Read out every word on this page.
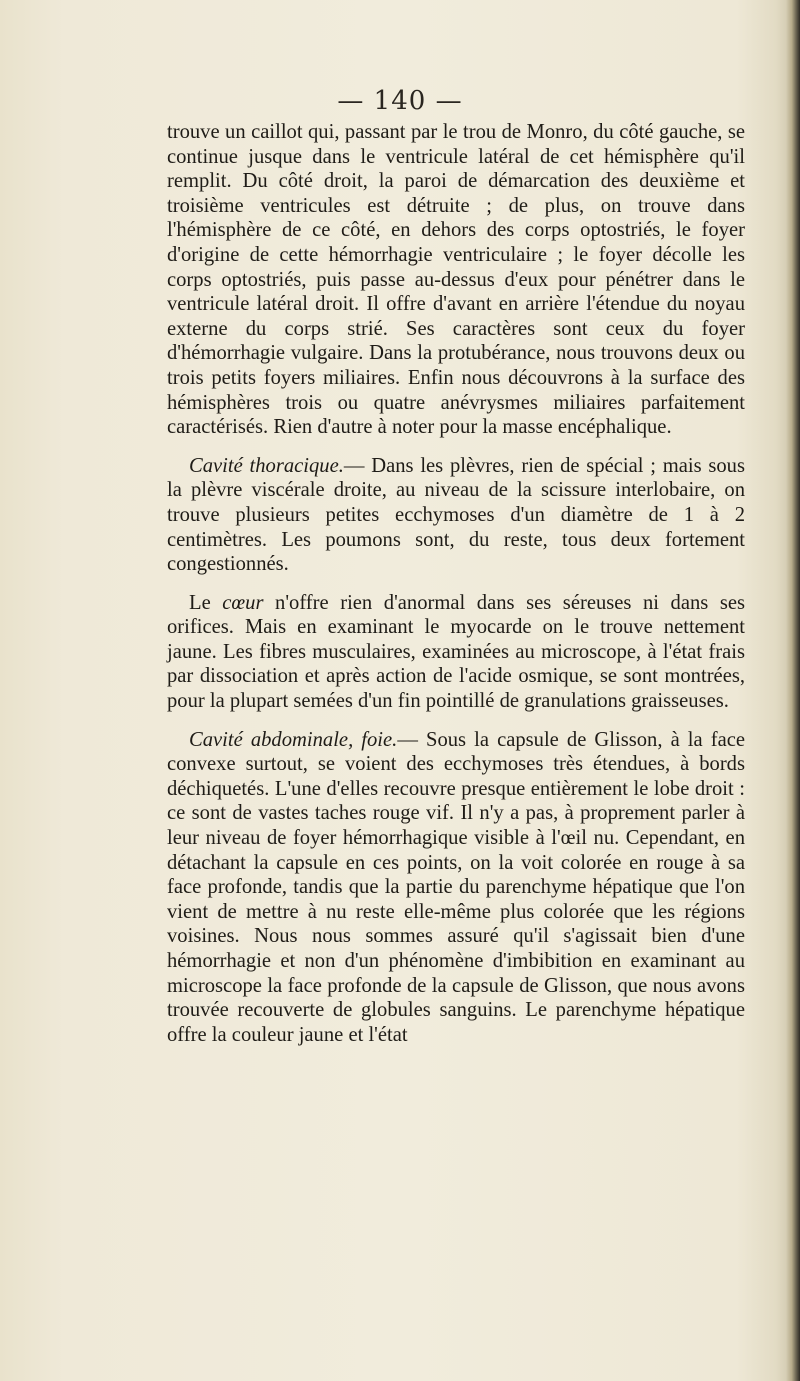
— 140 —

trouve un caillot qui, passant par le trou de Monro, du côté gauche, se continue jusque dans le ventricule latéral de cet hémisphère qu'il remplit. Du côté droit, la paroi de démarcation des deuxième et troisième ventricules est détruite ; de plus, on trouve dans l'hémisphère de ce côté, en dehors des corps optostriés, le foyer d'origine de cette hémorrhagie ventriculaire ; le foyer décolle les corps optostriés, puis passe au-dessus d'eux pour pénétrer dans le ventricule latéral droit. Il offre d'avant en arrière l'étendue du noyau externe du corps strié. Ses caractères sont ceux du foyer d'hémorrhagie vulgaire. Dans la protubérance, nous trouvons deux ou trois petits foyers miliaires. Enfin nous découvrons à la surface des hémisphères trois ou quatre anévrysmes miliaires parfaitement caractérisés. Rien d'autre à noter pour la masse encéphalique.

Cavité thoracique.— Dans les plèvres, rien de spécial ; mais sous la plèvre viscérale droite, au niveau de la scissure interlobaire, on trouve plusieurs petites ecchymoses d'un diamètre de 1 à 2 centimètres. Les poumons sont, du reste, tous deux fortement congestionnés.

Le cœur n'offre rien d'anormal dans ses séreuses ni dans ses orifices. Mais en examinant le myocarde on le trouve nettement jaune. Les fibres musculaires, examinées au microscope, à l'état frais par dissociation et après action de l'acide osmique, se sont montrées, pour la plupart semées d'un fin pointillé de granulations graisseuses.

Cavité abdominale, foie.— Sous la capsule de Glisson, à la face convexe surtout, se voient des ecchymoses très étendues, à bords déchiquetés. L'une d'elles recouvre presque entièrement le lobe droit : ce sont de vastes taches rouge vif. Il n'y a pas, à proprement parler à leur niveau de foyer hémorrhagique visible à l'œil nu. Cependant, en détachant la capsule en ces points, on la voit colorée en rouge à sa face profonde, tandis que la partie du parenchyme hépatique que l'on vient de mettre à nu reste elle-même plus colorée que les régions voisines. Nous nous sommes assuré qu'il s'agissait bien d'une hémorrhagie et non d'un phénomène d'imbibition en examinant au microscope la face profonde de la capsule de Glisson, que nous avons trouvée recouverte de globules sanguins. Le parenchyme hépatique offre la couleur jaune et l'état
